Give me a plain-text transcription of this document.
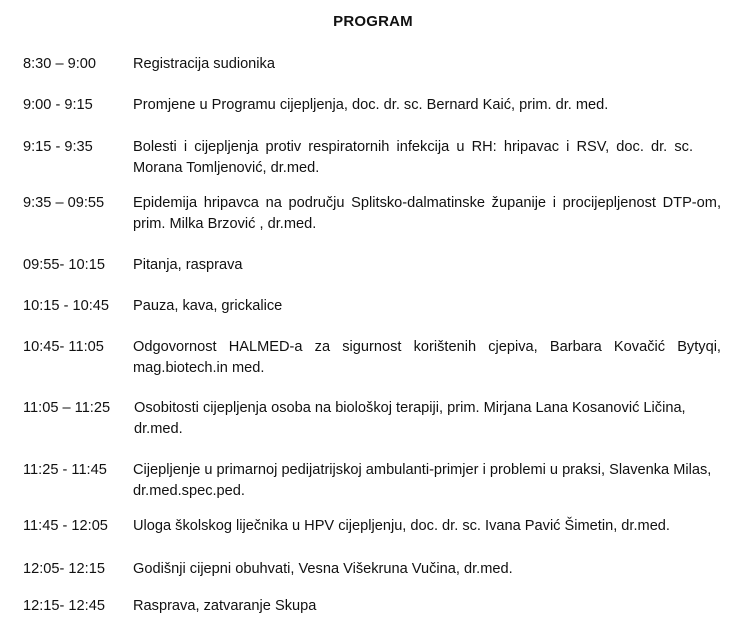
PROGRAM
8:30 – 9:00	Registracija sudionika
9:00 - 9:15	Promjene u Programu cijepljenja, doc. dr. sc. Bernard Kaić, prim. dr. med.
9:15 - 9:35	Bolesti i cijepljenja protiv respiratornih infekcija u RH: hripavac i RSV, doc. dr. sc. Morana Tomljenović, dr.med.
9:35 – 09:55 Epidemija hripavca na području Splitsko-dalmatinske županije i procijepljenost DTP-om, prim. Milka Brzović , dr.med.
09:55- 10:15 Pitanja, rasprava
10:15 - 10:45 Pauza, kava, grickalice
10:45- 11:05 Odgovornost HALMED-a za sigurnost korištenih cjepiva, Barbara Kovačić Bytyqi, mag.biotech.in med.
11:05 – 11:25 Osobitosti cijepljenja osoba na biološkoj terapiji, prim. Mirjana Lana Kosanović Ličina, dr.med.
11:25 - 11:45 Cijepljenje u primarnoj pedijatrijskoj ambulanti-primjer i problemi u praksi, Slavenka Milas, dr.med.spec.ped.
11:45 - 12:05 Uloga školskog liječnika u HPV cijepljenju, doc. dr. sc. Ivana Pavić Šimetin, dr.med.
12:05- 12:15 Godišnji cijepni obuhvati, Vesna Višekruna Vučina, dr.med.
12:15- 12:45 Rasprava, zatvaranje Skupa
